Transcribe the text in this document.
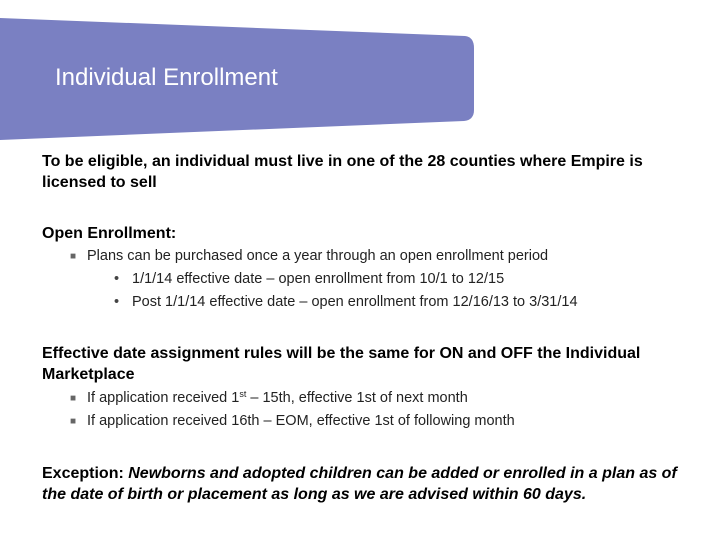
Individual Enrollment

To be eligible, an individual must live in one of the 28 counties where Empire is licensed to sell

Open Enrollment:

■ Plans can be purchased once a year through an open enrollment period
• 1/1/14 effective date – open enrollment from 10/1 to 12/15
• Post 1/1/14 effective date – open enrollment from 12/16/13 to 3/31/14

Effective date assignment rules will be the same for ON and OFF the Individual Marketplace

■ If application received 1st – 15th, effective 1st of next month
■ If application received 16th – EOM, effective 1st of following month

Exception: Newborns and adopted children can be added or enrolled in a plan as of the date of birth or placement as long as we are advised within 60 days.
